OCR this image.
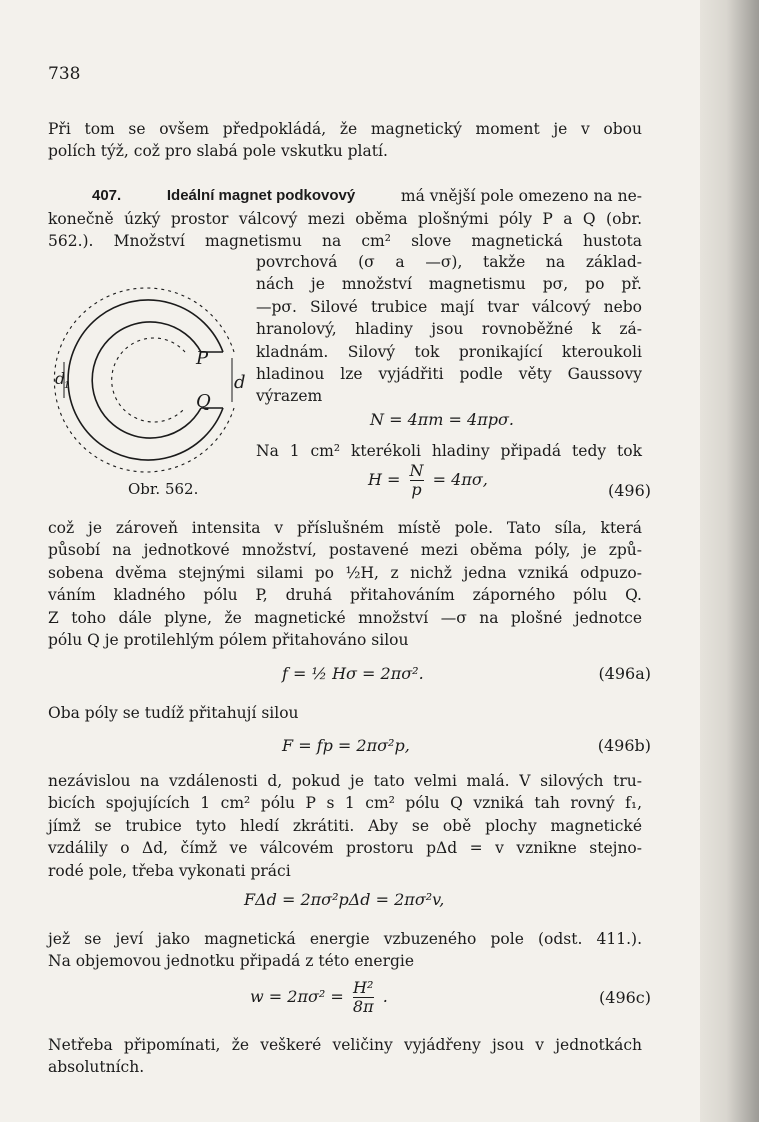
738
Při tom se ovšem předpokládá, že magnetický moment je v obou
polích týž, což pro slabá pole vskutku platí.
407.	Ideální magnet podkovový	má vnější pole omezeno na ne-
konečně úzký prostor válcový mezi oběma plošnými póly P a Q (obr.
562.). Množství magnetismu na cm² slove magnetická hustota
povrchová (σ a —σ), takže na základ-
nách je množství magnetismu pσ, po př.
—pσ. Silové trubice mají tvar válcový nebo
hranolový, hladiny jsou rovnoběžné k zá-
kladnám. Silový tok pronikající kteroukoli
hladinou lze vyjádřiti podle věty Gaussovy
výrazem
N = 4πm = 4πpσ.
Na 1 cm² kterékoli hladiny připadá tedy tok
d
1
P
Q
d
Obr. 562.	$H = \frac{N}{p} = 4\pi\sigma$,
(496)
což je zároveň intensita v příslušném místě pole. Tato síla, která
působí na jednotkové množství, postavené mezi oběma póly, je způ-
sobena dvěma stejnými silami po ½H, z nichž jedna vzniká odpuzo-
váním kladného pólu P, druhá přitahováním záporného pólu Q.
Z toho dále plyne, že magnetické množství —σ na plošné jednotce
pólu Q je protilehlým pólem přitahováno silou
f = ½ Hσ = 2πσ².	(496a)
Oba póly se tudíž přitahují silou
F = fp = 2πσ²p,	(496b)
nezávislou na vzdálenosti d, pokud je tato velmi malá. V silových tru-
bicích spojujících 1 cm² pólu P s 1 cm² pólu Q vzniká tah rovný f₁,
jímž se trubice tyto hledí zkrátiti. Aby se obě plochy magnetické
vzdálily o Δd, čímž ve válcovém prostoru pΔd = v vznikne stejno-
rodé pole, třeba vykonati práci
FΔd = 2πσ²pΔd = 2πσ²v,
jež se jeví jako magnetická energie vzbuzeného pole (odst. 411.).
Na objemovou jednotku připadá z této energie
$w = 2\pi\sigma^2 = \frac{\text{H²}}{8\pi}$ .	(496c)
Netřeba připomínati, že veškeré veličiny vyjádřeny jsou v jednotkách
absolutních.
